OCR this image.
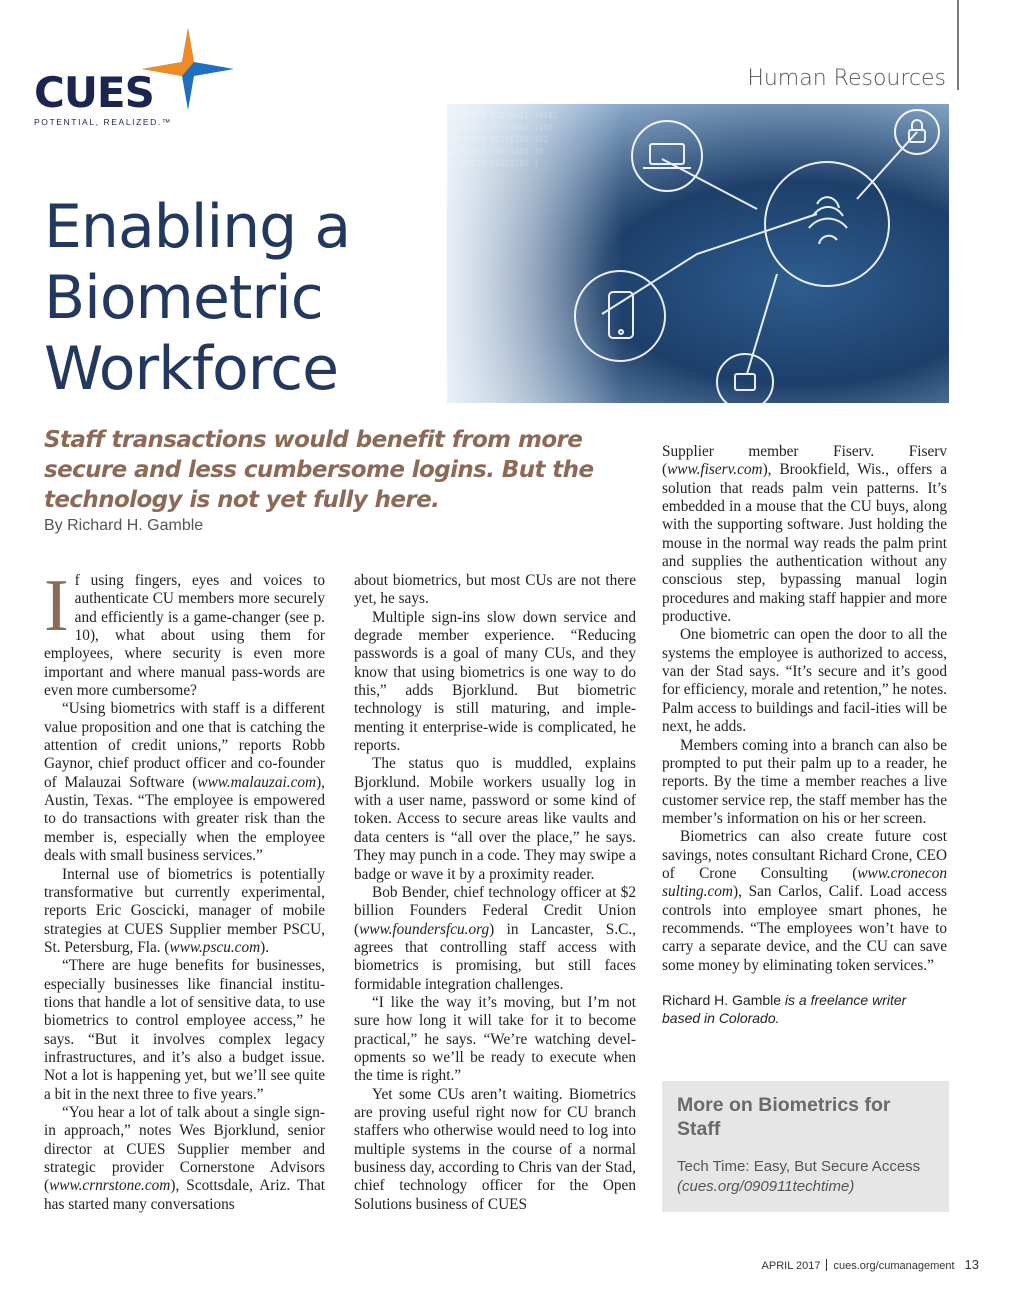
CUES
POTENTIAL, REALIZED.™
Human Resources
10101011 11010011 10101
01100101 10101001 1101
11010101 01010101 101
10101010 10011001 10
01101010 01010101 1
Enabling a
Biometric
Workforce

Staff transactions would benefit from more secure and less cumbersome logins. But the technology is not yet fully here.

By Richard H. Gamble

If using fingers, eyes and voices to authenticate CU members more securely and efficiently is a game-changer (see p. 10), what about using them for employees, where security is even more important and where manual pass-words are even more cumbersome?

“Using biometrics with staff is a different value proposition and one that is catching the attention of credit unions,” reports Robb Gaynor, chief product officer and co-founder of Malauzai Software (www.malauzai.com), Austin, Texas. “The employee is empowered to do transactions with greater risk than the member is, especially when the employee deals with small business services.”

Internal use of biometrics is potentially transformative but currently experimental, reports Eric Goscicki, manager of mobile strategies at CUES Supplier member PSCU, St. Petersburg, Fla. (www.pscu.com).

“There are huge benefits for businesses, especially businesses like financial institu-tions that handle a lot of sensitive data, to use biometrics to control employee access,” he says. “But it involves complex legacy infrastructures, and it’s also a budget issue. Not a lot is happening yet, but we’ll see quite a bit in the next three to five years.”

“You hear a lot of talk about a single sign-in approach,” notes Wes Bjorklund, senior director at CUES Supplier member and strategic provider Cornerstone Advisors (www.crnrstone.com), Scottsdale, Ariz. That has started many conversations

about biometrics, but most CUs are not there yet, he says.

Multiple sign-ins slow down service and degrade member experience. “Reducing passwords is a goal of many CUs, and they know that using biometrics is one way to do this,” adds Bjorklund. But biometric technology is still maturing, and imple-menting it enterprise-wide is complicated, he reports.

The status quo is muddled, explains Bjorklund. Mobile workers usually log in with a user name, password or some kind of token. Access to secure areas like vaults and data centers is “all over the place,” he says. They may punch in a code. They may swipe a badge or wave it by a proximity reader.

Bob Bender, chief technology officer at $2 billion Founders Federal Credit Union (www.foundersfcu.org) in Lancaster, S.C., agrees that controlling staff access with biometrics is promising, but still faces formidable integration challenges.

“I like the way it’s moving, but I’m not sure how long it will take for it to become practical,” he says. “We’re watching devel-opments so we’ll be ready to execute when the time is right.”

Yet some CUs aren’t waiting. Biometrics are proving useful right now for CU branch staffers who otherwise would need to log into multiple systems in the course of a normal business day, according to Chris van der Stad, chief technology officer for the Open Solutions business of CUES

Supplier member Fiserv. Fiserv (www.fiserv.com), Brookfield, Wis., offers a solution that reads palm vein patterns. It’s embedded in a mouse that the CU buys, along with the supporting software. Just holding the mouse in the normal way reads the palm print and supplies the authentication without any conscious step, bypassing manual login procedures and making staff happier and more productive.

One biometric can open the door to all the systems the employee is authorized to access, van der Stad says. “It’s secure and it’s good for efficiency, morale and retention,” he notes. Palm access to buildings and facil-ities will be next, he adds.

Members coming into a branch can also be prompted to put their palm up to a reader, he reports. By the time a member reaches a live customer service rep, the staff member has the member’s information on his or her screen.

Biometrics can also create future cost savings, notes consultant Richard Crone, CEO of Crone Consulting (www.cronecon sulting.com), San Carlos, Calif. Load access controls into employee smart phones, he recommends. “The employees won’t have to carry a separate device, and the CU can save some money by eliminating token services.”

Richard H. Gamble is a freelance writer based in Colorado.

More on Biometrics for Staff

Tech Time: Easy, But Secure Access
(cues.org/090911techtime)
APRIL 2017 cues.org/cumanagement 13
